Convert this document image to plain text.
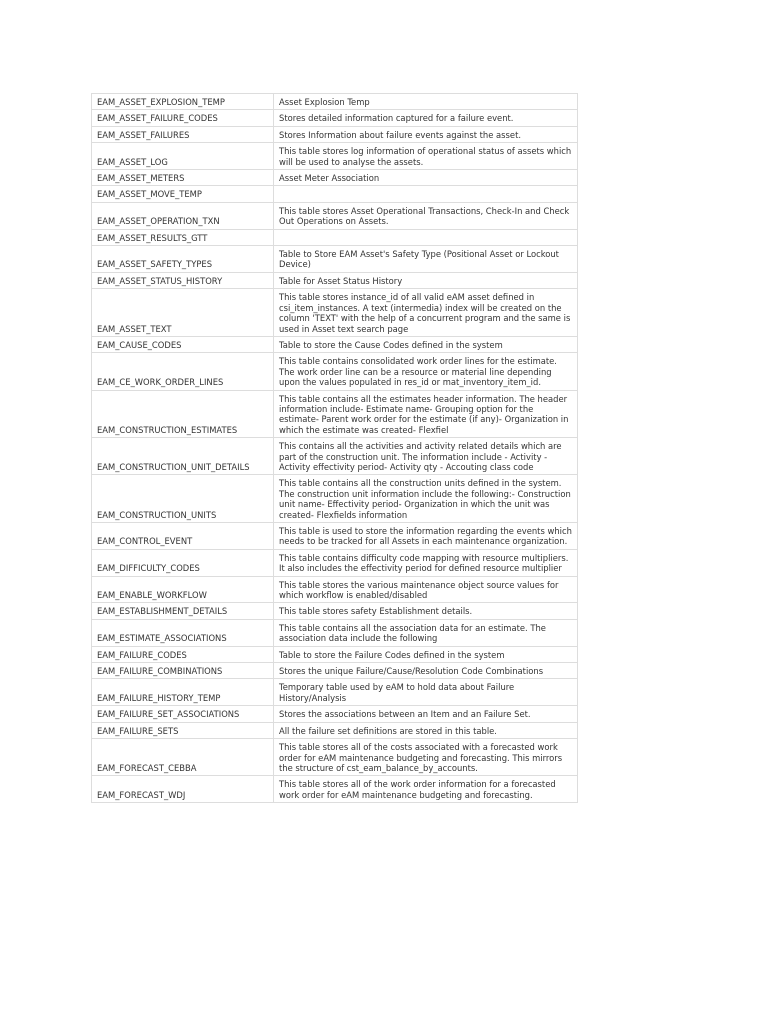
EAM_ASSET_EXPLOSION_TEMP	Asset Explosion Temp
EAM_ASSET_FAILURE_CODES	Stores detailed information captured for a failure event.
EAM_ASSET_FAILURES	Stores Information about failure events against the asset.
EAM_ASSET_LOG	This table stores log information of operational status of assets which will be used to analyse the assets.
EAM_ASSET_METERS	Asset Meter Association
EAM_ASSET_MOVE_TEMP	
EAM_ASSET_OPERATION_TXN	This table stores Asset Operational Transactions, Check-In and Check Out Operations on Assets.
EAM_ASSET_RESULTS_GTT	
EAM_ASSET_SAFETY_TYPES	Table to Store EAM Asset's Safety Type (Positional Asset or Lockout Device)
EAM_ASSET_STATUS_HISTORY	Table for Asset Status History
EAM_ASSET_TEXT	This table stores instance_id of all valid eAM asset defined in csi_item_instances. A text (intermedia) index will be created on the column 'TEXT' with the help of a concurrent program and the same is used in Asset text search page
EAM_CAUSE_CODES	Table to store the Cause Codes defined in the system
EAM_CE_WORK_ORDER_LINES	This table contains consolidated work order lines for the estimate. The work order line can be a resource or material line depending upon the values populated in res_id or mat_inventory_item_id.
EAM_CONSTRUCTION_ESTIMATES	This table contains all the estimates header information. The header information include- Estimate name- Grouping option for the estimate- Parent work order for the estimate (if any)- Organization in which the estimate was created- Flexfiel
EAM_CONSTRUCTION_UNIT_DETAILS	This contains all the activities and activity related details which are part of the construction unit. The information include - Activity - Activity effectivity period- Activity qty - Accouting class code
EAM_CONSTRUCTION_UNITS	This table contains all the construction units defined in the system. The construction unit information include the following:- Construction unit name- Effectivity period- Organization in which the unit was created- Flexfields information
EAM_CONTROL_EVENT	This table is used to store the information regarding the events which needs to be tracked for all Assets in each maintenance organization.
EAM_DIFFICULTY_CODES	This table contains difficulty code mapping with resource multipliers. It also includes the effectivity period for defined resource multiplier
EAM_ENABLE_WORKFLOW	This table stores the various maintenance object source values for which workflow is enabled/disabled
EAM_ESTABLISHMENT_DETAILS	This table stores safety Establishment details.
EAM_ESTIMATE_ASSOCIATIONS	This table contains all the association data for an estimate. The association data include the following
EAM_FAILURE_CODES	Table to store the Failure Codes defined in the system
EAM_FAILURE_COMBINATIONS	Stores the unique Failure/Cause/Resolution Code Combinations
EAM_FAILURE_HISTORY_TEMP	Temporary table used by eAM to hold data about Failure History/Analysis
EAM_FAILURE_SET_ASSOCIATIONS	Stores the associations between an Item and an Failure Set.
EAM_FAILURE_SETS	All the failure set definitions are stored in this table.
EAM_FORECAST_CEBBA	This table stores all of the costs associated with a forecasted work order for eAM maintenance budgeting and forecasting. This mirrors the structure of cst_eam_balance_by_accounts.
EAM_FORECAST_WDJ	This table stores all of the work order information for a forecasted work order for eAM maintenance budgeting and forecasting.
